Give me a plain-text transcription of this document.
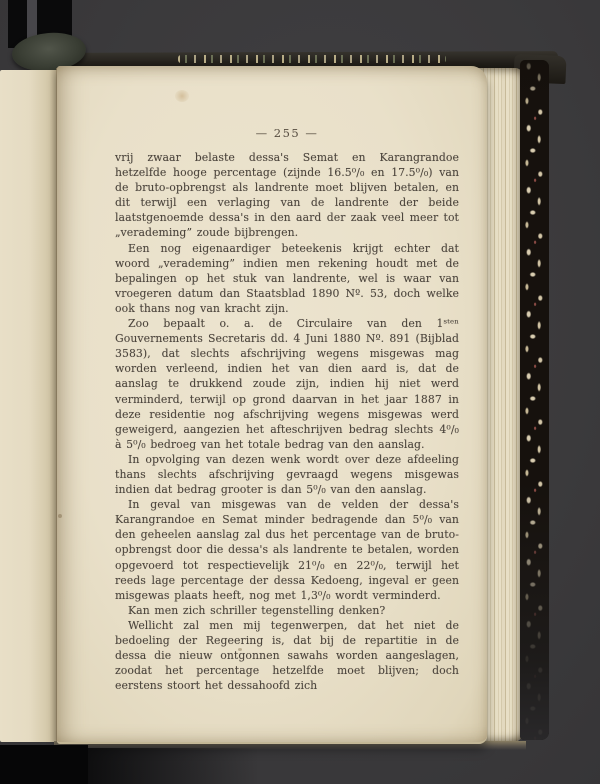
— 255 —

vrij zwaar belaste dessa's Semat en Karangrandoe hetzelfde hooge percentage (zijnde 16.5⁰/₀ en 17.5⁰/₀) van de bruto-opbrengst als landrente moet blijven betalen, en dit terwijl een verlaging van de landrente der beide laatstgenoemde dessa's in den aard der zaak veel meer tot „verademing” zoude bijbrengen.

Een nog eigenaardiger beteekenis krijgt echter dat woord „verademing” indien men rekening houdt met de bepalingen op het stuk van landrente, wel is waar van vroegeren datum dan Staatsblad 1890 Nº. 53, doch welke ook thans nog van kracht zijn.

Zoo bepaalt o. a. de Circulaire van den 1ˢᵗᵉⁿ Gouvernements Secretaris dd. 4 Juni 1880 Nº. 891 (Bijblad 3583), dat slechts afschrijving wegens misgewas mag worden verleend, indien het van dien aard is, dat de aanslag te drukkend zoude zijn, indien hij niet werd verminderd, terwijl op grond daarvan in het jaar 1887 in deze residentie nog afschrijving wegens misgewas werd geweigerd, aangezien het afteschrijven bedrag slechts 4⁰/₀ à 5⁰/₀ bedroeg van het totale bedrag van den aanslag.

In opvolging van dezen wenk wordt over deze afdeeling thans slechts afschrijving gevraagd wegens misgewas indien dat bedrag grooter is dan 5⁰/₀ van den aanslag.

In geval van misgewas van de velden der dessa's Karangrandoe en Semat minder bedragende dan 5⁰/₀ van den geheelen aanslag zal dus het percentage van de bruto-opbrengst door die dessa's als landrente te betalen, worden opgevoerd tot respectievelijk 21⁰/₀ en 22⁰/₀, terwijl het reeds lage percentage der dessa Kedoeng, ingeval er geen misgewas plaats heeft, nog met 1,3⁰/₀ wordt verminderd.

Kan men zich schriller tegenstelling denken?

Wellicht zal men mij tegenwerpen, dat het niet de bedoeling der Regeering is, dat bij de repartitie in de dessa die nieuw ontgonnen sawahs worden aangeslagen, zoodat het percentage hetzelfde moet blijven; doch eerstens stoort het dessahoofd zich
